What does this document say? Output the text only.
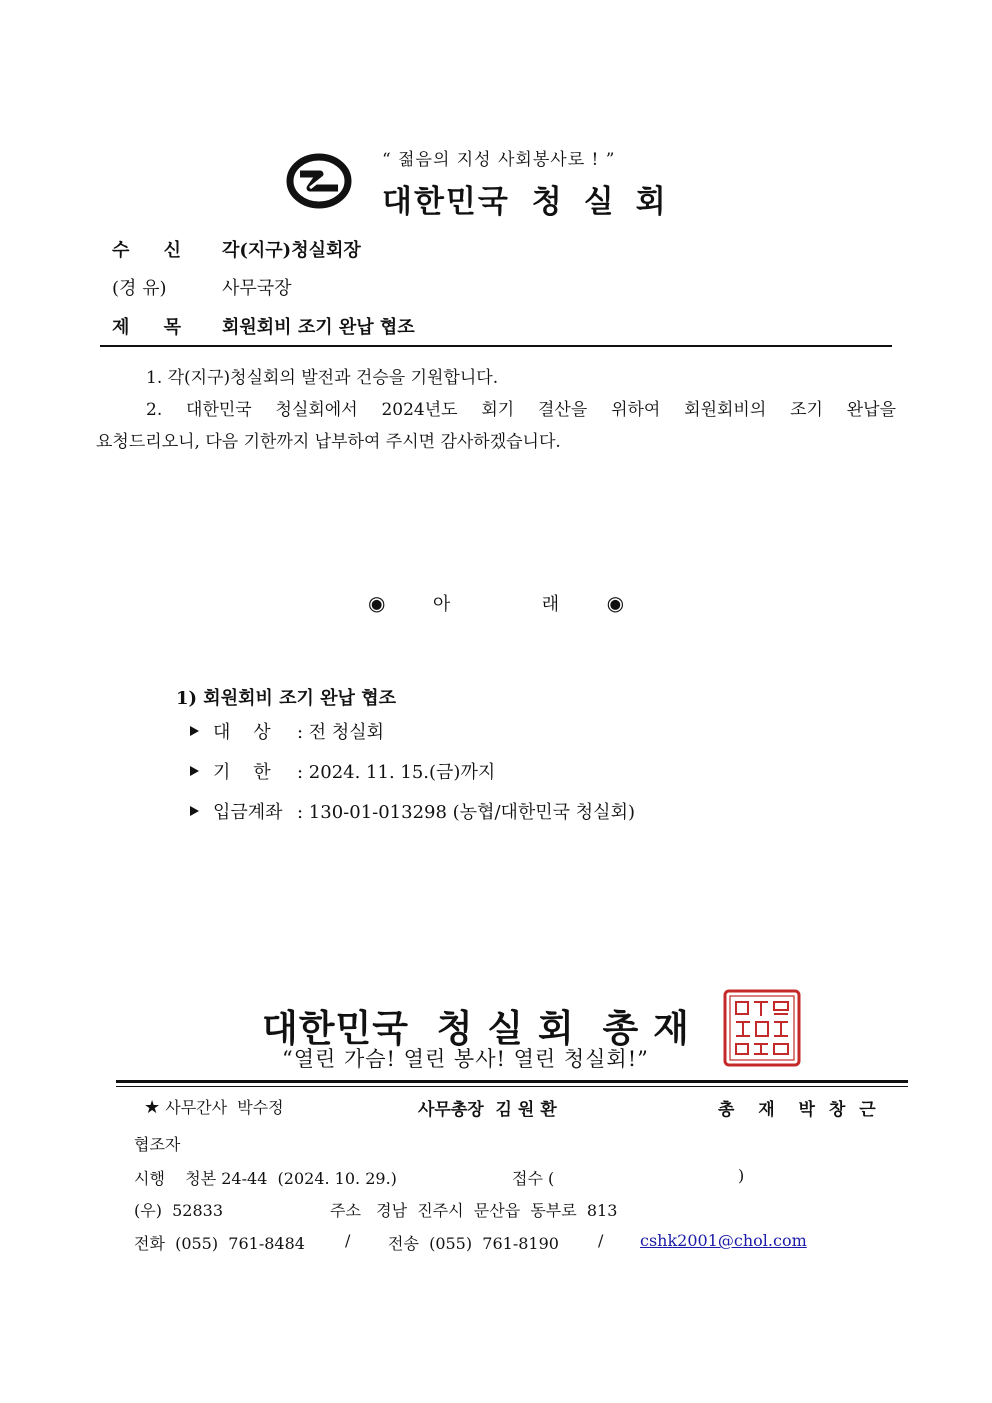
“ 젊음의 지성 사회봉사로 ! ”
대한민국 청실회
수 신 각(지구)청실회장
(경 유)	사무국장
제 목 회원회비 조기 완납 협조
1. 각(지구)청실회의 발전과 건승을 기원합니다.
2. 대한민국 청실회에서 2024년도 회기 결산을 위하여 회원회비의 조기 완납을
요청드리오니, 다음 기한까지 납부하여 주시면 감사하겠습니다.
◉	아	래 ◉
1) 회원회비 조기 완납 협조
대    상 : 전 청실회
기    한 : 2024. 11. 15.(금)까지
입금계좌 : 130-01-013298 (농협/대한민국 청실회)
대한민국  청 실 회  총 재
“열린 가슴! 열린 봉사! 열린 청실회!”
★ 사무간사  박수정	사무총장  김 원 환	총  재  박 창 근
협조자
시행    청본 24-44  (2024. 10. 29.)	접수 (	)
(우)  52833	주소   경남  진주시  문산읍  동부로  813
전화  (055)  761-8484	/ 전송  (055)  761-8190 / cshk2001@chol.com
